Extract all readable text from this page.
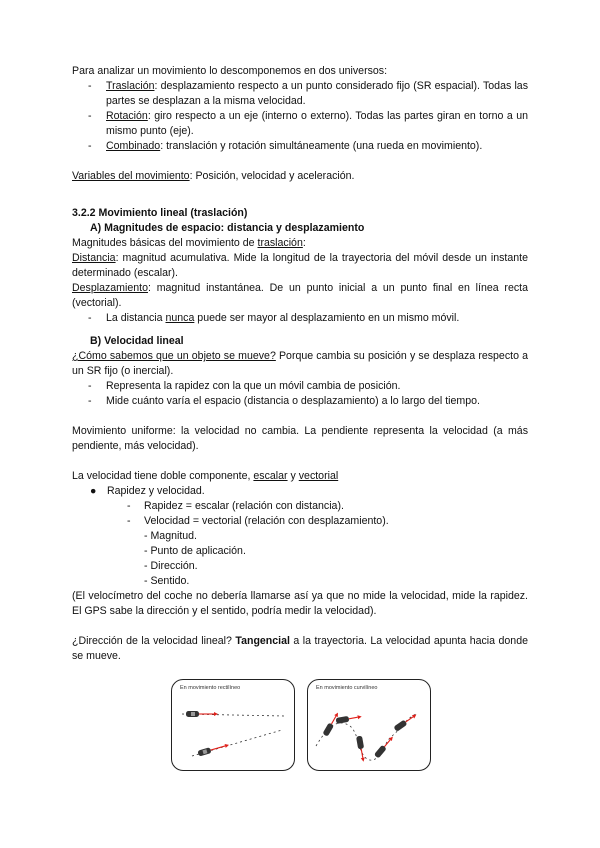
Para analizar un movimiento lo descomponemos en dos universos:

-	Traslación: desplazamiento respecto a un punto considerado fijo (SR espacial). Todas las partes se desplazan a la misma velocidad.
-	Rotación: giro respecto a un eje (interno o externo). Todas las partes giran en torno a un mismo punto (eje).
-	Combinado: translación y rotación simultáneamente (una rueda en movimiento).

Variables del movimiento: Posición, velocidad y aceleración.

3.2.2 Movimiento lineal (traslación)

A) Magnitudes de espacio: distancia y desplazamiento

Magnitudes básicas del movimiento de traslación:

Distancia: magnitud acumulativa. Mide la longitud de la trayectoria del móvil desde un instante determinado (escalar).

Desplazamiento: magnitud instantánea. De un punto inicial a un punto final en línea recta (vectorial).

-	La distancia nunca puede ser mayor al desplazamiento en un mismo móvil.

B) Velocidad lineal

¿Cómo sabemos que un objeto se mueve? Porque cambia su posición y se desplaza respecto a un SR fijo (o inercial).

-	Representa la rapidez con la que un móvil cambia de posición.
-	Mide cuánto varía el espacio (distancia o desplazamiento) a lo largo del tiempo.

Movimiento uniforme: la velocidad no cambia. La pendiente representa la velocidad (a más pendiente, más velocidad).

La velocidad tiene doble componente, escalar y vectorial

● Rapidez y velocidad.
-	Rapidez = escalar (relación con distancia).
-	Velocidad = vectorial (relación con desplazamiento).

- Magnitud.

- Punto de aplicación.

- Dirección.

- Sentido.

(El velocímetro del coche no debería llamarse así ya que no mide la velocidad, mide la rapidez. El GPS sabe la dirección y el sentido, podría medir la velocidad).

¿Dirección de la velocidad lineal? Tangencial a la trayectoria. La velocidad apunta hacia donde se mueve.

En movimiento rectilíneo	En movimiento curvilíneo
